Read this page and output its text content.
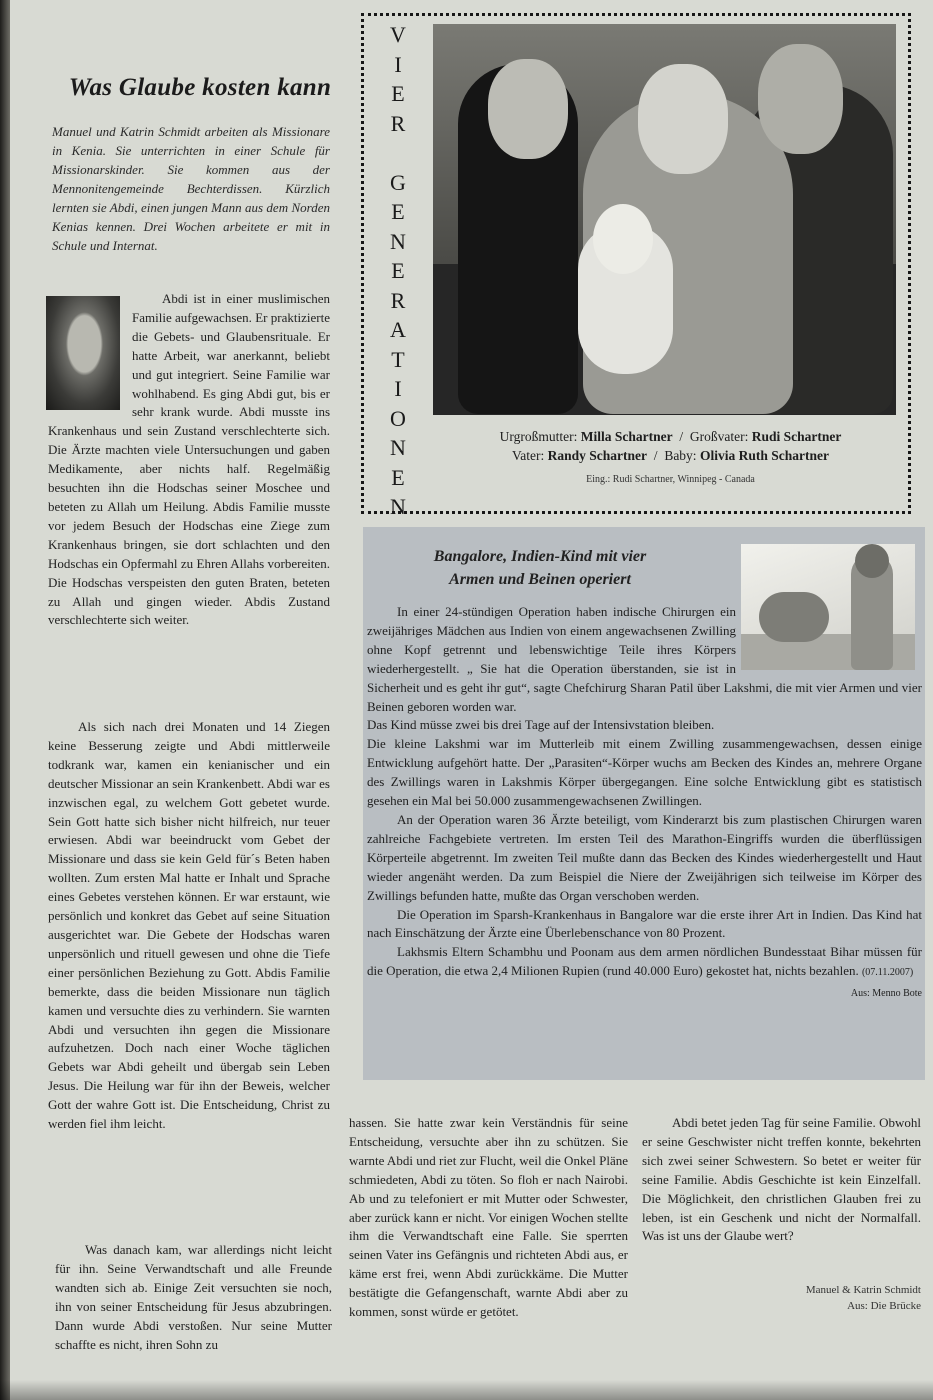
Was Glaube kosten kann

Manuel und Katrin Schmidt arbeiten als Missionare in Kenia. Sie unterrichten in einer Schule für Missionarskinder. Sie kommen aus der Mennonitengemeinde Bechterdissen. Kürzlich lernten sie Abdi, einen jungen Mann aus dem Norden Kenias kennen. Drei Wochen arbeitete er mit in Schule und Internat.

Abdi ist in einer muslimischen Familie aufgewachsen. Er praktizierte die Gebets- und Glaubensrituale. Er hatte Arbeit, war anerkannt, beliebt und gut integriert. Seine Familie war wohlhabend. Es ging Abdi gut, bis er sehr krank wurde. Abdi musste ins Krankenhaus und sein Zustand verschlechterte sich. Die Ärzte machten viele Untersuchungen und gaben Medikamente, aber nichts half. Regelmäßig besuchten ihn die Hodschas seiner Moschee und beteten zu Allah um Heilung. Abdis Familie musste vor jedem Besuch der Hodschas eine Ziege zum Krankenhaus bringen, sie dort schlachten und den Hodschas ein Opfermahl zu Ehren Allahs vorbereiten. Die Hodschas verspeisten den guten Braten, beteten zu Allah und gingen wieder. Abdis Zustand verschlechterte sich weiter.

Als sich nach drei Monaten und 14 Ziegen keine Besserung zeigte und Abdi mittlerweile todkrank war, kamen ein kenianischer und ein deutscher Missionar an sein Krankenbett. Abdi war es inzwischen egal, zu welchem Gott gebetet wurde. Sein Gott hatte sich bisher nicht hilfreich, nur teuer erwiesen. Abdi war beeindruckt vom Gebet der Missionare und dass sie kein Geld für´s Beten haben wollten. Zum ersten Mal hatte er Inhalt und Sprache eines Gebetes verstehen können. Er war erstaunt, wie persönlich und konkret das Gebet auf seine Situation ausgerichtet war. Die Gebete der Hodschas waren unpersönlich und rituell gewesen und ohne die Tiefe einer persönlichen Beziehung zu Gott. Abdis Familie bemerkte, dass die beiden Missionare nun täglich kamen und versuchte dies zu verhindern. Sie warnten Abdi und versuchten ihn gegen die Missionare aufzuhetzen. Doch nach einer Woche täglichen Gebets war Abdi geheilt und übergab sein Leben Jesus. Die Heilung war für ihn der Beweis, welcher Gott der wahre Gott ist. Die Entscheidung, Christ zu werden fiel ihm leicht.

Was danach kam, war allerdings nicht leicht für ihn. Seine Verwandtschaft und alle Freunde wandten sich ab. Einige Zeit versuchten sie noch, ihn von seiner Entscheidung für Jesus abzubringen. Dann wurde Abdi verstoßen. Nur seine Mutter schaffte es nicht, ihren Sohn zu

hassen. Sie hatte zwar kein Verständnis für seine Entscheidung, versuchte aber ihn zu schützen. Sie warnte Abdi und riet zur Flucht, weil die Onkel Pläne schmiedeten, Abdi zu töten. So floh er nach Nairobi. Ab und zu telefoniert er mit Mutter oder Schwester, aber zurück kann er nicht. Vor einigen Wochen stellte ihm die Verwandtschaft eine Falle. Sie sperrten seinen Vater ins Gefängnis und richteten Abdi aus, er käme erst frei, wenn Abdi zurückkäme. Die Mutter bestätigte die Gefangenschaft, warnte Abdi aber zu kommen, sonst würde er getötet.

Abdi betet jeden Tag für seine Familie. Obwohl er seine Geschwister nicht treffen konnte, bekehrten sich zwei seiner Schwestern. So betet er weiter für seine Familie. Abdis Geschichte ist kein Einzelfall. Die Möglichkeit, den christlichen Glauben frei zu leben, ist ein Geschenk und nicht der Normalfall. Was ist uns der Glaube wert?

Manuel & Katrin Schmidt
Aus: Die Brücke
V
I
E
R
G
E
N
E
R
A
T
I
O
N
E
N
Urgroßmutter: Milla Schartner / Großvater: Rudi Schartner
Vater: Randy Schartner / Baby: Olivia Ruth Schartner

Eing.: Rudi Schartner, Winnipeg - Canada

Bangalore, Indien-Kind mit vier
Armen und Beinen operiert

In einer 24-stündigen Operation haben indische Chirurgen ein zweijähriges Mädchen aus Indien von einem angewachsenen Zwilling ohne Kopf getrennt und lebenswichtige Teile ihres Körpers wiederhergestellt. „ Sie hat die Operation überstanden, sie ist in Sicherheit und es geht ihr gut“, sagte Chefchirurg Sharan Patil über Lakshmi, die mit vier Armen und vier Beinen geboren worden war.

Das Kind müsse zwei bis drei Tage auf der Intensivstation bleiben.

Die kleine Lakshmi war im Mutterleib mit einem Zwilling zusammengewachsen, dessen einige Entwicklung aufgehört hatte. Der „Parasiten“-Körper wuchs am Becken des Kindes an, mehrere Organe des Zwillings waren in Lakshmis Körper übergegangen. Eine solche Entwicklung gibt es statistisch gesehen ein Mal bei 50.000 zusammengewachsenen Zwillingen.

An der Operation waren 36 Ärzte beteiligt, vom Kinderarzt bis zum plastischen Chirurgen waren zahlreiche Fachgebiete vertreten. Im ersten Teil des Marathon-Eingriffs wurden die überflüssigen Körperteile abgetrennt. Im zweiten Teil mußte dann das Becken des Kindes wiederhergestellt und Haut wieder angenäht werden. Da zum Beispiel die Niere der Zweijährigen sich teilweise im Körper des Zwillings befunden hatte, mußte das Organ verschoben werden.

Die Operation im Sparsh-Krankenhaus in Bangalore war die erste ihrer Art in Indien. Das Kind hat nach Einschätzung der Ärzte eine Überlebenschance von 80 Prozent.

Lakhsmis Eltern Schambhu und Poonam aus dem armen nördlichen Bundesstaat Bihar müssen für die Operation, die etwa 2,4 Milionen Rupien (rund 40.000 Euro) gekostet hat, nichts bezahlen. (07.11.2007)
Aus: Menno Bote
